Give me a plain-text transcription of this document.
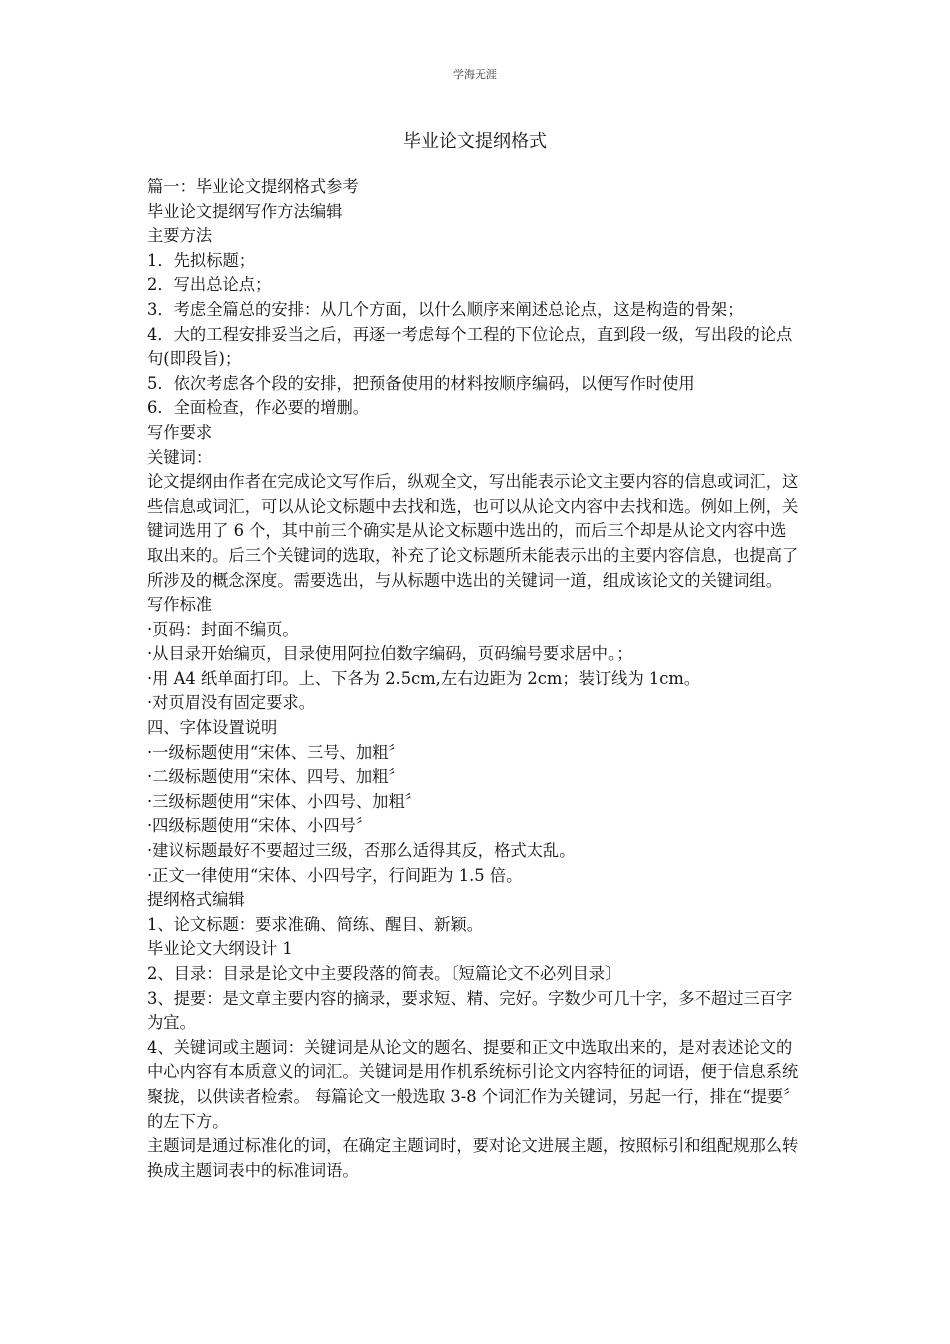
学海无涯
毕业论文提纲格式

篇一：毕业论文提纲格式参考

毕业论文提纲写作方法编辑

主要方法

1．先拟标题；

2．写出总论点；

3．考虑全篇总的安排：从几个方面，以什么顺序来阐述总论点，这是构造的骨架；

4．大的工程安排妥当之后，再逐一考虑每个工程的下位论点，直到段一级，写出段的论点句(即段旨)；

5．依次考虑各个段的安排，把预备使用的材料按顺序编码，以便写作时使用

6．全面检查，作必要的增删。

写作要求

关键词：

论文提纲由作者在完成论文写作后，纵观全文，写出能表示论文主要内容的信息或词汇，这些信息或词汇，可以从论文标题中去找和选，也可以从论文内容中去找和选。例如上例，关键词选用了 6 个，其中前三个确实是从论文标题中选出的，而后三个却是从论文内容中选取出来的。后三个关键词的选取，补充了论文标题所未能表示出的主要内容信息，也提高了所涉及的概念深度。需要选出，与从标题中选出的关键词一道，组成该论文的关键词组。 写作标准

·页码：封面不编页。

·从目录开始编页，目录使用阿拉伯数字编码，页码编号要求居中。；

·用 A4 纸单面打印。上、下各为 2.5cm,左右边距为 2cm；装订线为 1cm。

·对页眉没有固定要求。

四、字体设置说明

·一级标题使用“宋体、三号、加粗〞

·二级标题使用“宋体、四号、加粗〞

·三级标题使用“宋体、小四号、加粗〞

·四级标题使用“宋体、小四号〞

·建议标题最好不要超过三级，否那么适得其反，格式太乱。

·正文一律使用“宋体、小四号字，行间距为 1.5 倍。

提纲格式编辑

1、论文标题：要求准确、简练、醒目、新颖。

毕业论文大纲设计 1

2、目录：目录是论文中主要段落的简表。〔短篇论文不必列目录〕

3、提要：是文章主要内容的摘录，要求短、精、完好。字数少可几十字，多不超过三百字为宜。

4、关键词或主题词：关键词是从论文的题名、提要和正文中选取出来的，是对表述论文的中心内容有本质意义的词汇。关键词是用作机系统标引论文内容特征的词语，便于信息系统聚拢，以供读者检索。 每篇论文一般选取 3-8 个词汇作为关键词，另起一行，排在“提要〞的左下方。

主题词是通过标准化的词，在确定主题词时，要对论文进展主题，按照标引和组配规那么转换成主题词表中的标准词语。
